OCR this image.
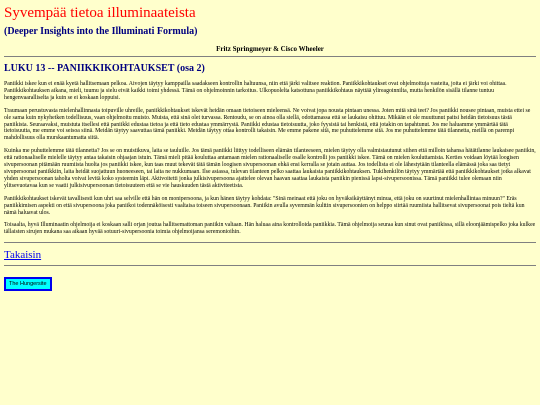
Syvempää tietoa illuminaateista
(Deeper Insights into the Illuminati Formula)
Fritz Springmeyer & Cisco Wheeler
LUKU 13 -- PANIIKKIKOHTAUKSET (osa 2)

Paniikki iskee kun ei enää kyetä hallitsemaan pelkoa. Aivojen täytyy kamppailla saadakseen kontrollin haltuunsa, niin että järki valitsee reaktion. Paniikkikohtaukset ovat ohjelmoituja vasteita, joita ei järki voi ohittaa. Paniikkikohtauksen aikana, mieli, tuumu ja sielu eivät kaikki toimi yhdessä. Tämä on ohjelmoinnin tarkoitus. Ulkopuolelta katsottuna paniikkikohtaus näyttää ylireagoinnilta, mutta henkilön sisällä tilanne tuntuu hengenvaaralliselta ja kuin se ei koskaan loppuisi.

Traumaan perustuvasta mielenhallinnasta toipuville uhreille, paniikkikohtaukset iskevät heidän omaan tietoiseen mieleensä. Ne voivat jopa nousta pintaan unessa. Joten mitä sinä teet? Jos paniikki nousee pintaan, muista ettei se ole sama kuin nykyhetken todellisuus, vaan ohjelmoitu muisto. Muista, että sinä olet turvassa. Rentoudu, se on ainoa olla siellä, odottamassa että se laukaisu ohittuu. Mikään ei ole muuttunut paitsi heidän tietoisuus tästä paniikista. Seuraavaksi, muistuta itsellesi että paniikki edustaa tietoa ja että tieto edustaa ymmärrystä. Paniikki edustaa tietoisuutta, joko fyysistä tai henkistä, että jotakin on tapahtunut. Jos me haluamme ymmärtää tätä tietoisuutta, me emme voi seisoa siinä. Meidän täytyy saavuttaa tämä paniikki. Meidän täytyy ottaa kontrolli takaisin. Me emme pakene sitä, me puhuttelemme sitä. Jos me puhuttelemme tätä tilannetta, meillä on parempi mahdollisuus olla murskaantumatta siitä.

Kuinka me puhuttelemme tätä tilannetta? Jos se on muistikuva, laita se tauluille. Jos tämä paniikki liittyy todelliseen elämän tilanteeseen, mielen täytyy olla valmistautunut siihen että milloin tahansa hätätilanne laukaisee paniikin, että rationaaliselle mielelle täytyy antaa takaisin ohjaajan istuin. Tämä mieli pitää kouluttaa antamaan mielen rationaaliselle osalle kontrolli jos paniikki iskee. Tämä on mielen kouluttamista. Kerties voidaan löytää loogisen sivupersoonan pitämään ruumiista huolta jos paniikki iskee, kun taas muut tekevät tätä tämän loogisen sivupersoonan ehkä ensi kerralla se jotain auttaa. Jos todellista ei ole lähestytään tilanteella elämässä joka saa tietyt sivupersoonat paniikkiin, laita heidät suojattuun huoneeseen, tai laita ne nukkumaan. Ilse asiassa, tulevan tilanteen pelko saattaa laukaista paniikkikohtauksen. Tukihenkilön täytyy ymmärtää että paniikkikohtaukset jotka alkavat yhden sivupersoonan taholta voivat levitä koko systeemin läpi. Aktivoitetti jonka julkisivupersoona ajattelee olevan haavan saattaa laukaista paniikin pienissä lapsi-sivupersoonissa. Tämä paniikki tulee olemaan niin ylitsevuotavaa kun se vaatii julkisivupersoonan tietoisuuteen että se vie hauskuuden tästä aktiviteetista.

Paniikkikohtaukset iskevät tavallisesti kun uhri saa selville että hän on monipersoona, ja kun hänen täytyy kohdata: "Sinä meinaat että joku on hyväksikäyttänyt minua, että joku on suurtinut mielenhallintaa minuun?" Eräs paniikkimisen aspekti on että sivupersoona joka paniikoi todennäköisesti vaaltaisa toiseen sivupersoonaan. Paniikin avulla syvemmän kulttin sivupersoonien on helppo siirtää ruumiista hallitsevat sivupersoonat pois tieltä kun nämä haluavat ulos.

Toisaalta, hyvä Illuminaatin ohjelmoija ei koskaan salli orjan joutua hallitsemattoman paniikin valtaan. Hän haluaa aina kontrolloida paniikkia. Tämä ohjelmoija seuraa kun sinut ovat paniikissa, sillä eloonjäämispelko joka kulkee tällaisten sirujen mukana saa aikaan hyvää sotuuri-sivupersoonia toimia ohjelmoijansa seremonioihin.

Takaisin
The Hungersite
